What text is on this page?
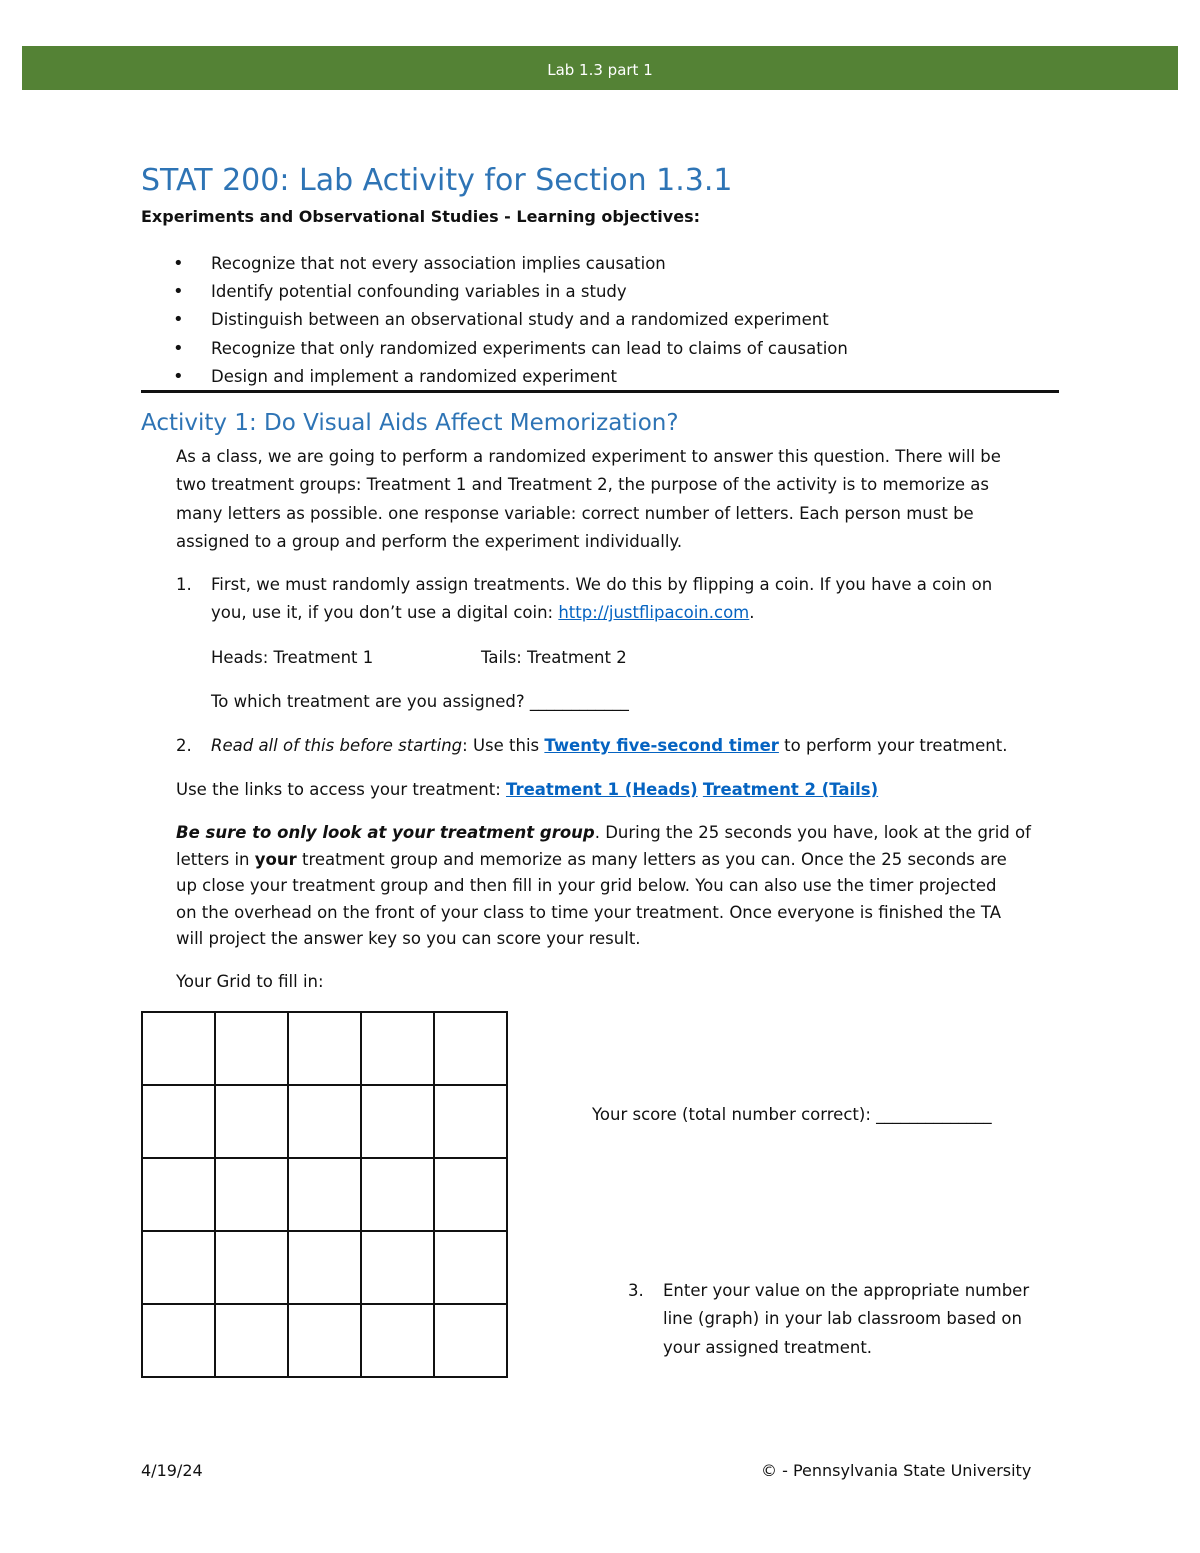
Lab 1.3 part 1
STAT 200: Lab Activity for Section 1.3.1
Experiments and Observational Studies - Learning objectives:
• Recognize that not every association implies causation
• Identify potential confounding variables in a study
• Distinguish between an observational study and a randomized experiment
• Recognize that only randomized experiments can lead to claims of causation
• Design and implement a randomized experiment
Activity 1: Do Visual Aids Affect Memorization?
As a class, we are going to perform a randomized experiment to answer this question. There will be
two treatment groups: Treatment 1 and Treatment 2, the purpose of the activity is to memorize as
many letters as possible. one response variable: correct number of letters. Each person must be
assigned to a group and perform the experiment individually.
1. First, we must randomly assign treatments. We do this by flipping a coin. If you have a coin on
you, use it, if you don’t use a digital coin: http://justflipacoin.com.
Heads: Treatment 1	Tails: Treatment 2
To which treatment are you assigned? ____________
2. Read all of this before starting: Use this Twenty five-second timer to perform your treatment.
Use the links to access your treatment: Treatment 1 (Heads) Treatment 2 (Tails)
Be sure to only look at your treatment group. During the 25 seconds you have, look at the grid of
letters in your treatment group and memorize as many letters as you can. Once the 25 seconds are
up close your treatment group and then fill in your grid below. You can also use the timer projected
on the overhead on the front of your class to time your treatment. Once everyone is finished the TA
will project the answer key so you can score your result.
Your Grid to fill in:

Your score (total number correct): ______________
3. Enter your value on the appropriate number
line (graph) in your lab classroom based on
your assigned treatment.
4/19/24	© - Pennsylvania State University
